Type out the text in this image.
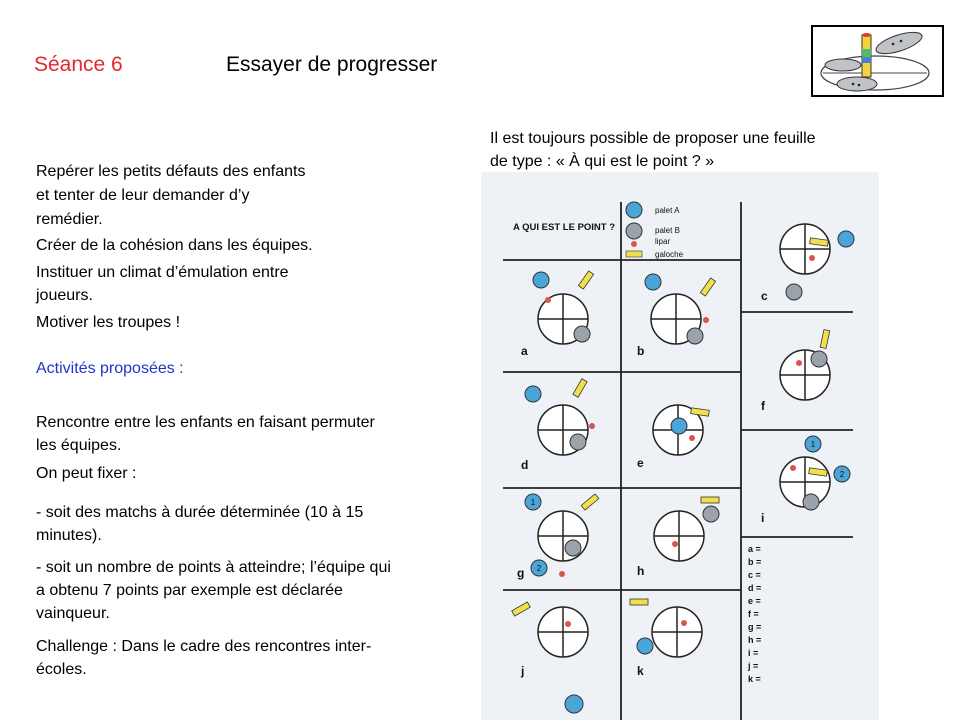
Séance 6	Essayer de progresser
Il est toujours possible de proposer une feuille
de type : « À qui est le point ? »
Repérer les petits défauts des enfants
et tenter de leur demander d’y
remédier.
Créer de la cohésion dans les équipes.
Instituer un climat d’émulation entre
joueurs.
Motiver les troupes !
Activités proposées :
Rencontre entre les enfants en faisant permuter
les équipes.
On peut fixer :
- soit des matchs à durée déterminée (10 à 15
minutes).
- soit un nombre de points à atteindre; l’équipe qui
a obtenu 7 points par exemple est déclarée
vainqueur.
Challenge : Dans le cadre des rencontres inter-
écoles.
A QUI EST LE POINT ?
palet A
palet B
lipar
galoche
1
2
1
2
a	b
c
d	e
f
g	h
i
j	k
a =
b =
c =
d =
e =
f =
g =
h =
i =
j =
k =
